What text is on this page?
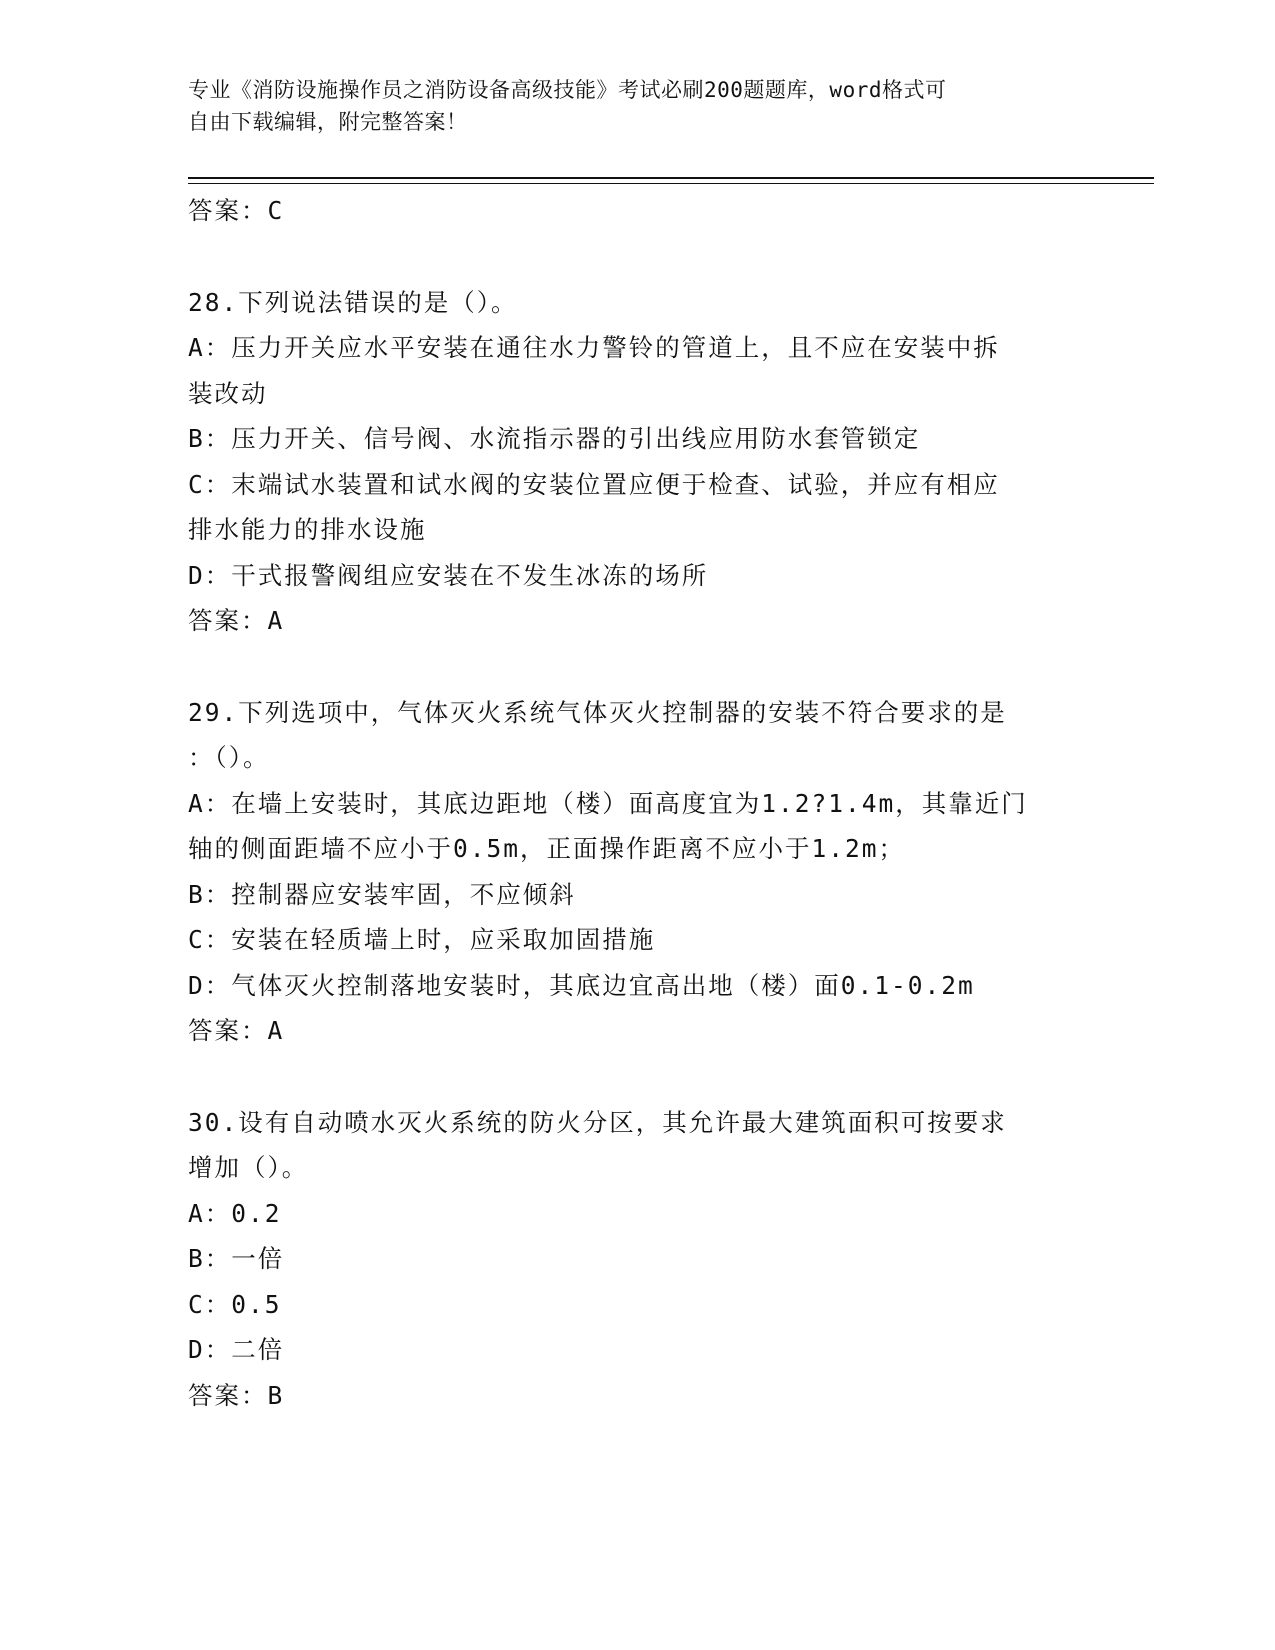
专业《消防设施操作员之消防设备高级技能》考试必刷200题题库，word格式可
自由下载编辑，附完整答案！
答案：C
28.下列说法错误的是（）。
A：压力开关应水平安装在通往水力警铃的管道上，且不应在安装中拆
装改动
B：压力开关、信号阀、水流指示器的引出线应用防水套管锁定
C：末端试水装置和试水阀的安装位置应便于检查、试验，并应有相应
排水能力的排水设施
D：干式报警阀组应安装在不发生冰冻的场所
答案：A
29.下列选项中，气体灭火系统气体灭火控制器的安装不符合要求的是
：（）。
A：在墙上安装时，其底边距地（楼）面高度宜为1.2?1.4m，其靠近门
轴的侧面距墙不应小于0.5m，正面操作距离不应小于1.2m；
B：控制器应安装牢固，不应倾斜
C：安装在轻质墙上时，应采取加固措施
D：气体灭火控制落地安装时，其底边宜高出地（楼）面0.1-0.2m
答案：A
30.设有自动喷水灭火系统的防火分区，其允许最大建筑面积可按要求
增加（）。
A：0.2
B：一倍
C：0.5
D：二倍
答案：B
